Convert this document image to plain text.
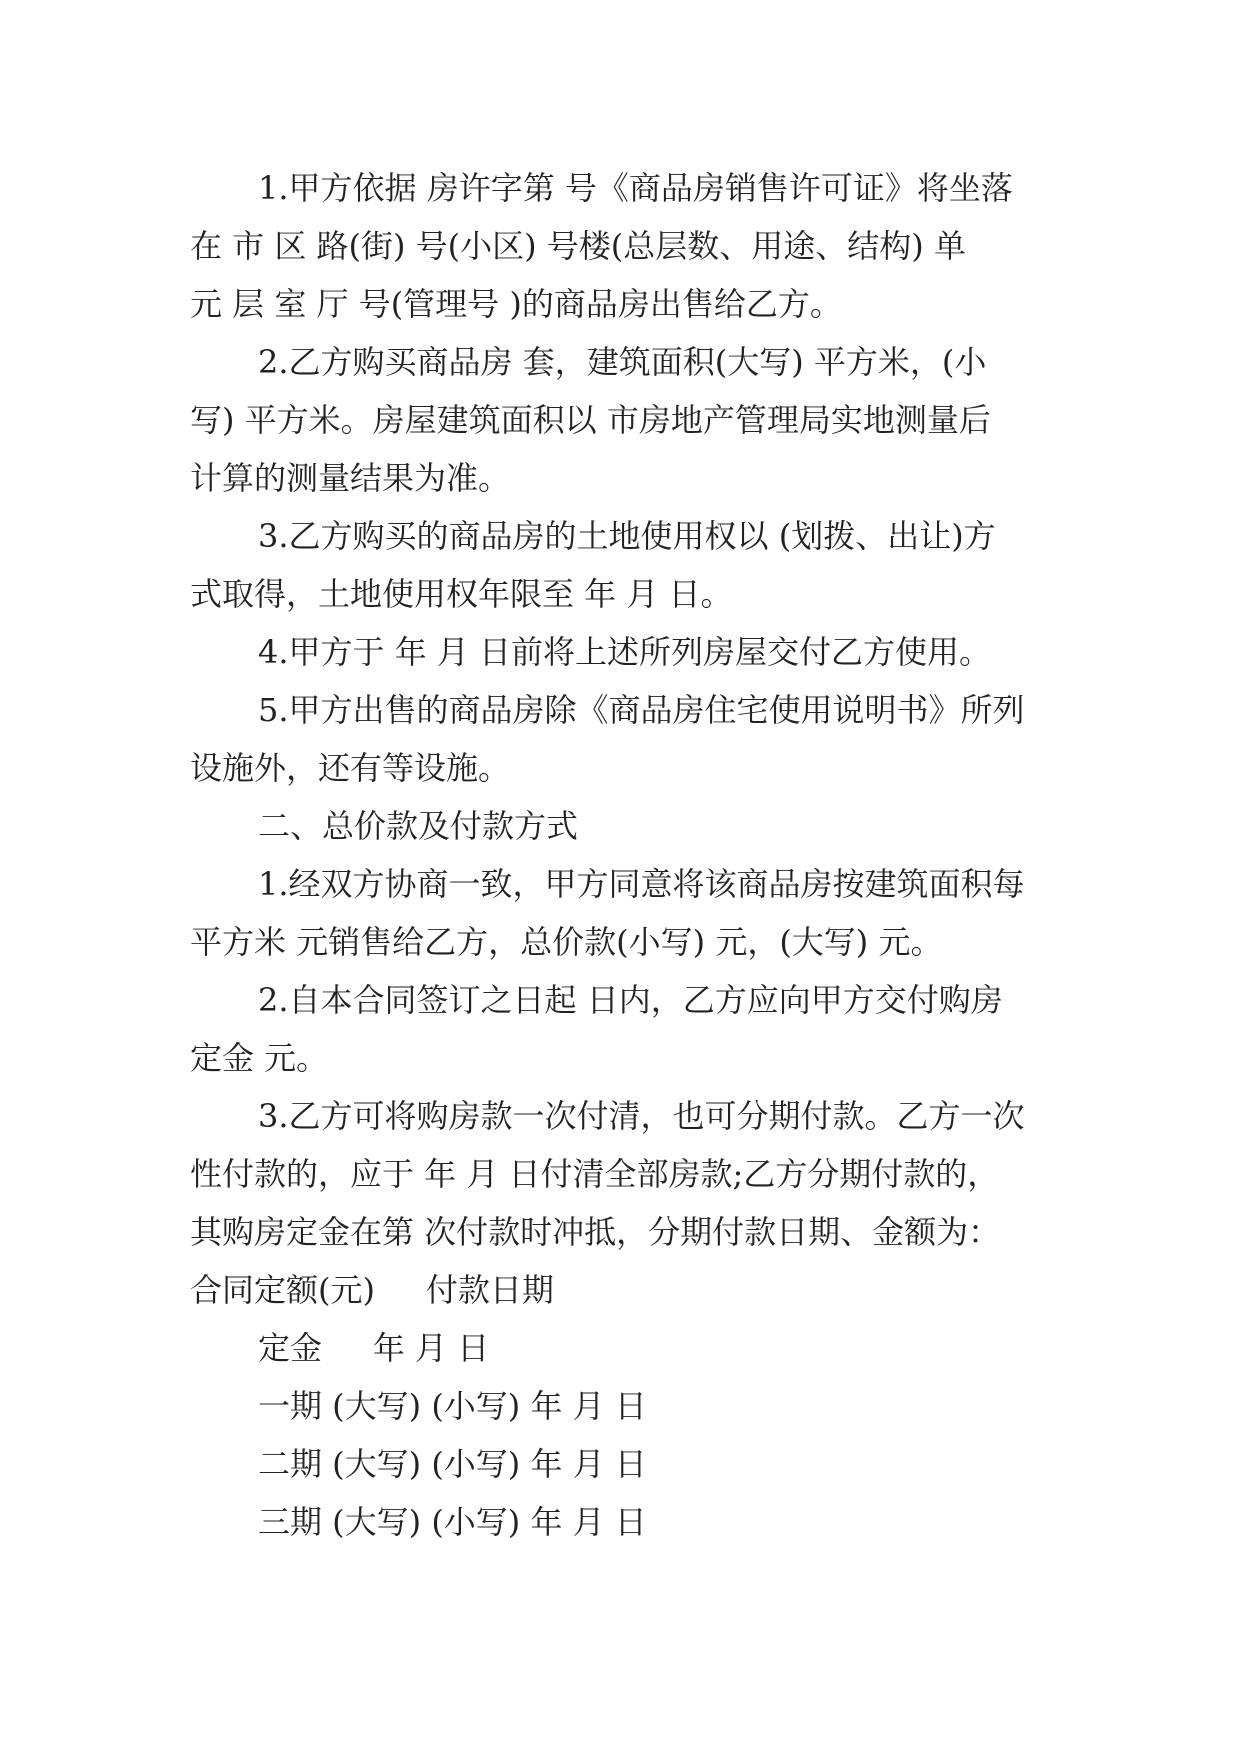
1.甲方依据 房许字第 号《商品房销售许可证》将坐落
在 市 区 路(街) 号(小区) 号楼(总层数、用途、结构) 单
元 层 室 厅 号(管理号 )的商品房出售给乙方。
2.乙方购买商品房 套，建筑面积(大写) 平方米，(小
写) 平方米。房屋建筑面积以 市房地产管理局实地测量后
计算的测量结果为准。
3.乙方购买的商品房的土地使用权以 (划拨、出让)方
式取得，土地使用权年限至 年 月 日。
4.甲方于 年 月 日前将上述所列房屋交付乙方使用。
5.甲方出售的商品房除《商品房住宅使用说明书》所列
设施外，还有等设施。
二、总价款及付款方式
1.经双方协商一致，甲方同意将该商品房按建筑面积每
平方米 元销售给乙方，总价款(小写) 元，(大写) 元。
2.自本合同签订之日起 日内，乙方应向甲方交付购房
定金 元。
3.乙方可将购房款一次付清，也可分期付款。乙方一次
性付款的，应于 年 月 日付清全部房款;乙方分期付款的，
其购房定金在第 次付款时冲抵，分期付款日期、金额为：
合同定额(元)     付款日期
定金     年 月 日
一期 (大写) (小写) 年 月 日
二期 (大写) (小写) 年 月 日
三期 (大写) (小写) 年 月 日
